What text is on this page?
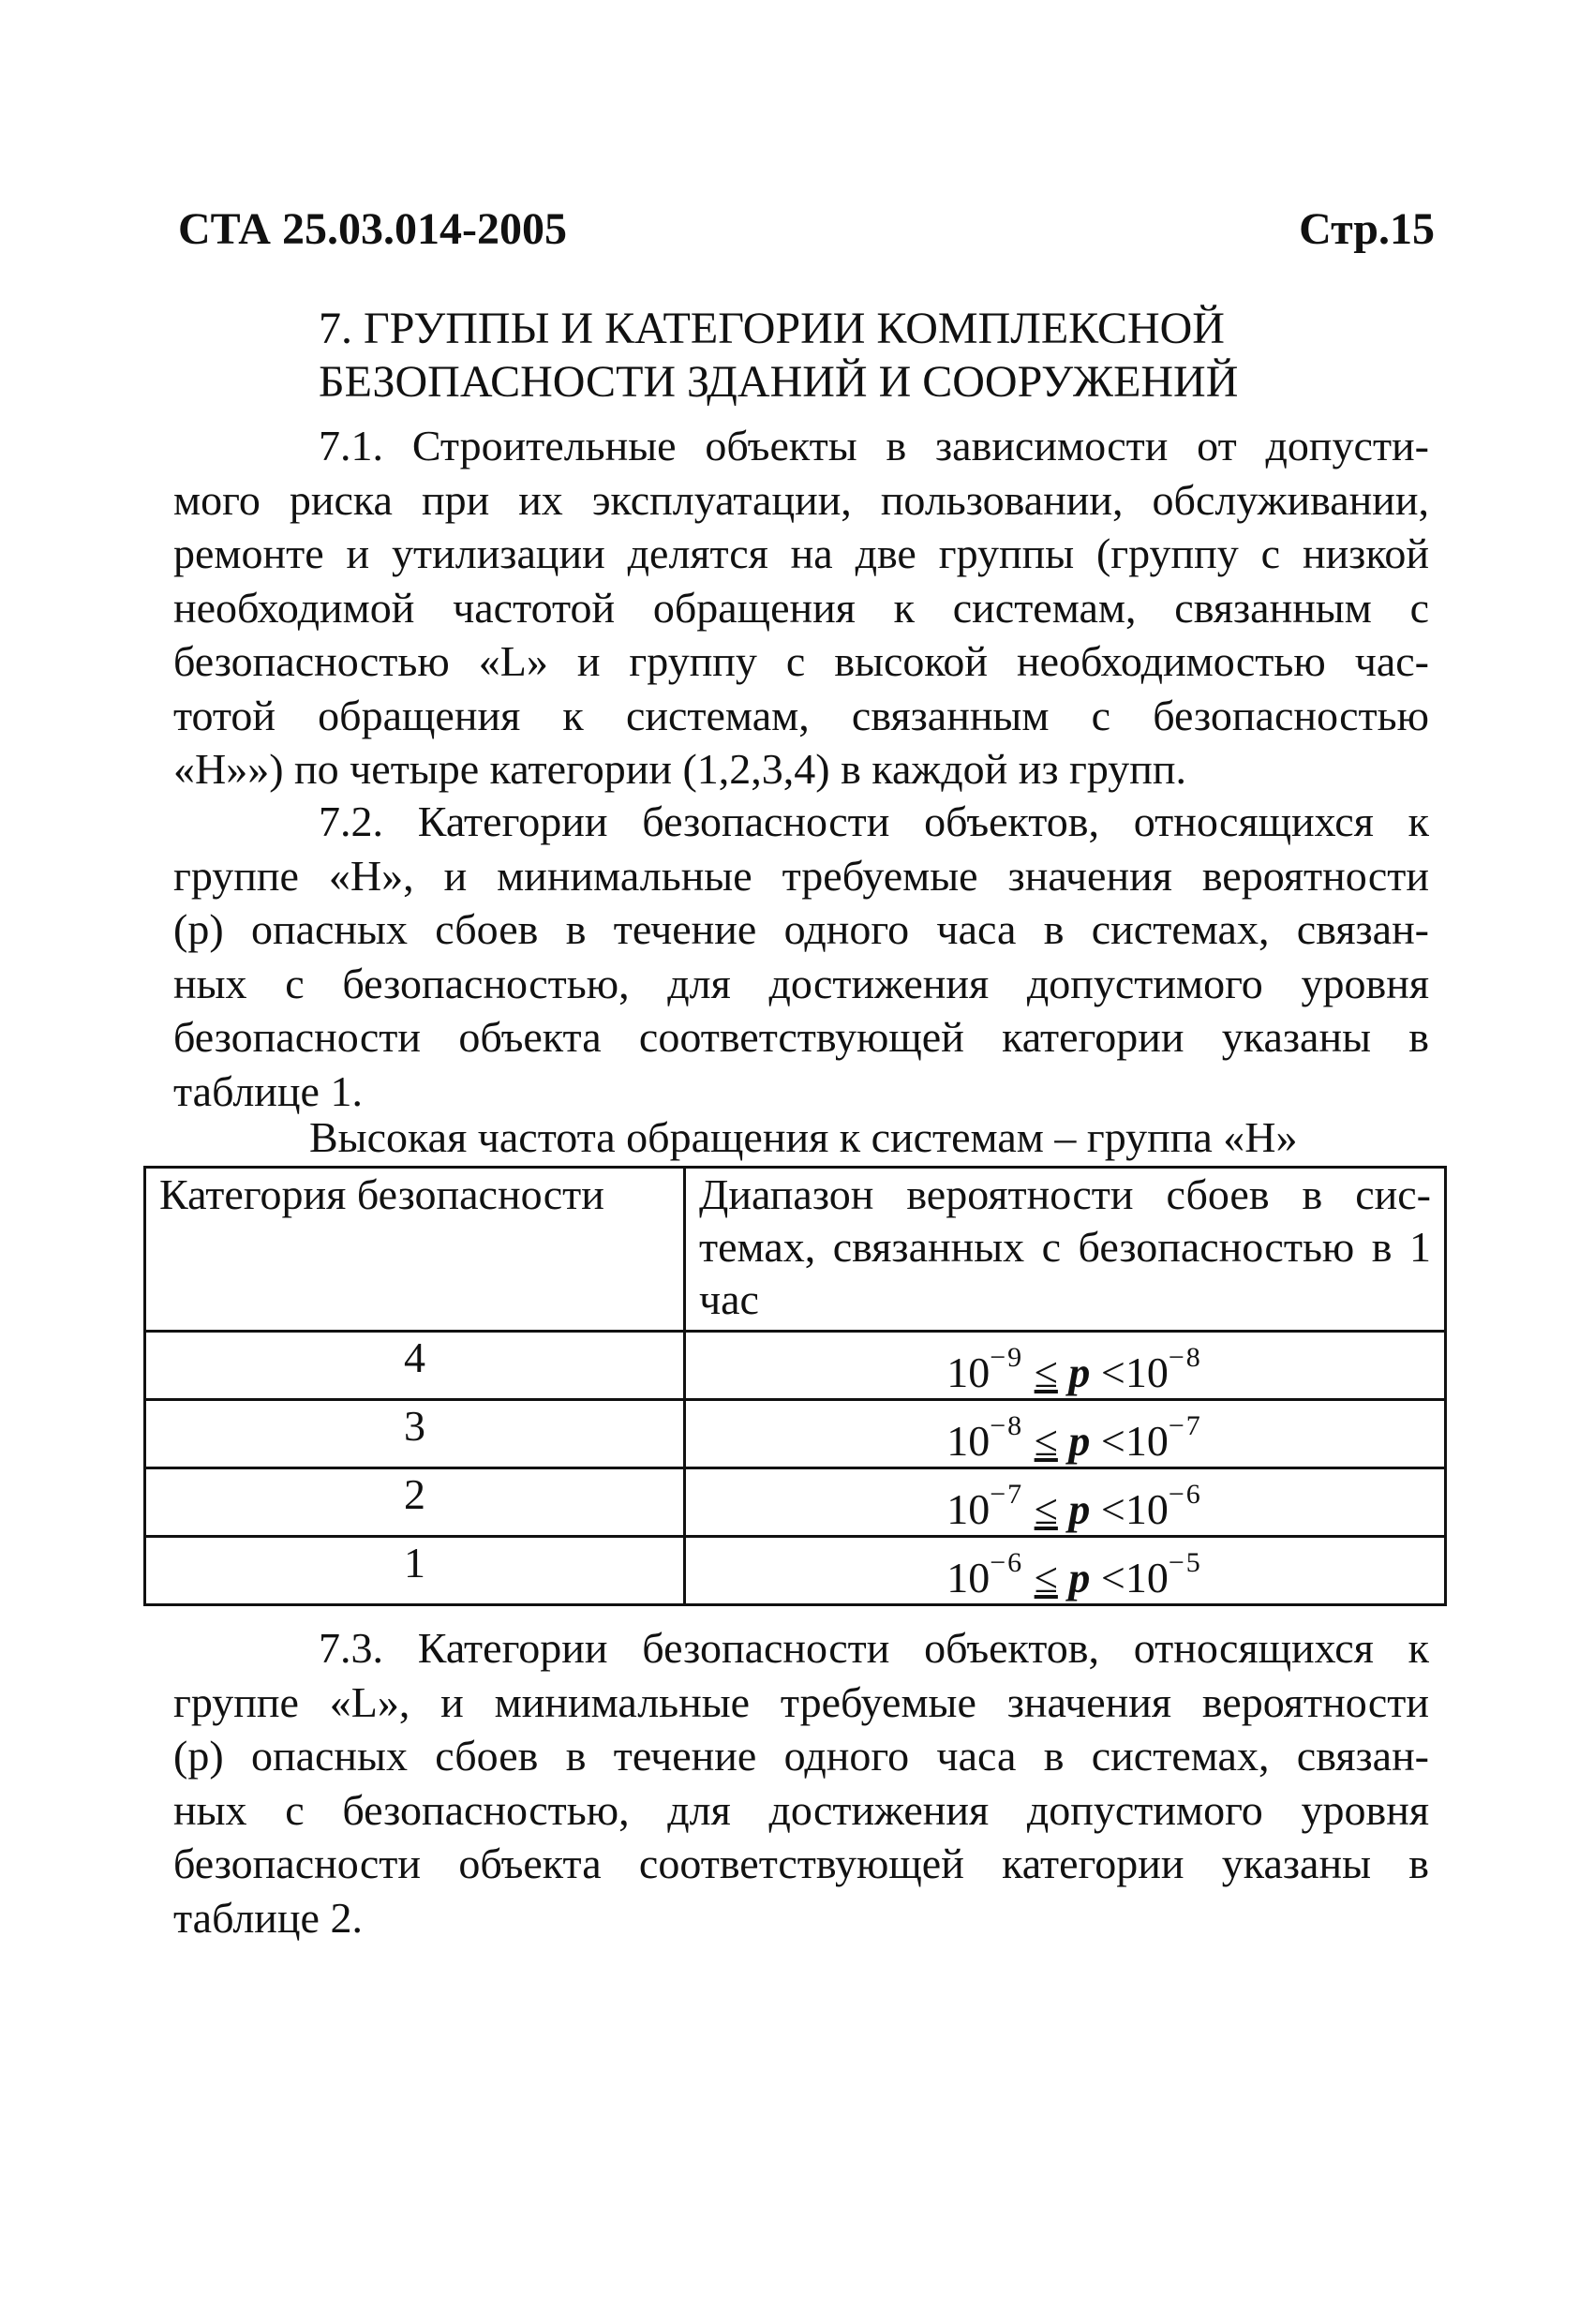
СТА 25.03.014-2005	Стр.15
7. ГРУППЫ И КАТЕГОРИИ КОМПЛЕКСНОЙ
БЕЗОПАСНОСТИ ЗДАНИЙ И СООРУЖЕНИЙ
7.1. Строительные объекты в зависимости от допусти-
мого риска при их эксплуатации, пользовании, обслуживании,
ремонте и утилизации делятся на две группы (группу с низкой
необходимой частотой обращения к системам, связанным с
безопасностью «L» и группу с высокой необходимостью час-
тотой обращения к системам, связанным с безопасностью
«Н»») по четыре категории (1,2,3,4) в каждой из групп.
7.2. Категории безопасности объектов, относящихся к
группе «Н», и минимальные требуемые значения вероятности
(р) опасных сбоев в течение одного часа в системах, связан-
ных с безопасностью, для достижения допустимого уровня
безопасности объекта соответствующей категории указаны в
таблице 1.
Высокая частота обращения к системам – группа «Н»
Категория безопасности	Диапазон вероятности сбоев в сис-темах, связанных с безопасностью в 1 час
4	$10^{-9} \le p <10^{-8}$
3	$10^{-8} \le p <10^{-7}$
2	$10^{-7} \le p <10^{-6}$
1	$10^{-6} \le p <10^{-5}$
7.3. Категории безопасности объектов, относящихся к
группе «L», и минимальные требуемые значения вероятности
(р) опасных сбоев в течение одного часа в системах, связан-
ных с безопасностью, для достижения допустимого уровня
безопасности объекта соответствующей категории указаны в
таблице 2.
